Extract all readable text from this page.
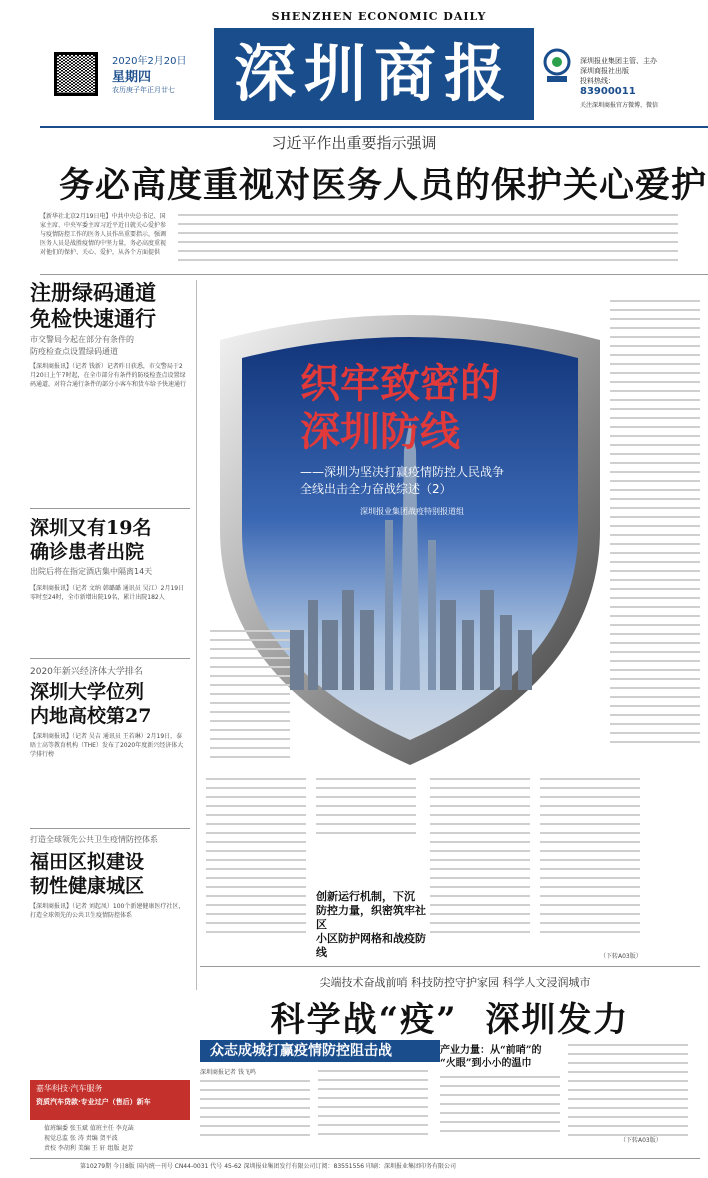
2020年2月20日
星期四
农历庚子年正月廿七
SHENZHEN ECONOMIC DAILY
深圳商报	深圳报业集团主管、主办
深圳商报社出版
投料热线：
83900011
关注深圳商报官方微博、微信
习近平作出重要指示强调
务必高度重视对医务人员的保护关心爱护
【新华社北京2月19日电】中共中央总书记、国家主席、中央军委主席习近平近日就关心爱护参与疫情防控工作的医务人员作出重要指示，强调医务人员是战胜疫情的中坚力量，务必高度重视对他们的保护、关心、爱护，从各个方面提供
注册绿码通道
免检快速通行
市交警局今起在部分有条件的
防疫检查点设置绿码通道
【深圳商报讯】（记者 钱新）记者昨日获悉，市交警局于2月20日上午7时起，在全市部分有条件的防疫检查点设置绿码通道，对符合通行条件的部分小客车和货车给予快速通行
深圳又有19名
确诊患者出院
出院后将在指定酒店集中隔离14天
【深圳商报讯】（记者 文纳 韩璐璐 通讯员 吴江）2月19日零时至24时，全市新增出院19名，累计出院182人
2020年新兴经济体大学排名
深圳大学位列
内地高校第27
【深圳商报讯】（记者 吴吉 通讯员 王若琳）2月19日，泰晤士高等教育机构（THE）发布了2020年度新兴经济体大学排行榜
打造全球领先公共卫生疫情防控体系
福田区拟建设
韧性健康城区
【深圳商报讯】（记者 刘起凤）100个新建健康医疗社区，打造全球领先的公共卫生疫情防控体系
织牢致密的
深圳防线
——深圳为坚决打赢疫情防控人民战争
全线出击全力奋战综述（2）
深圳报业集团战疫特别报道组
创新运行机制，下沉
防控力量，织密筑牢社区
小区防护网格和战疫防线	（下转A03版）
尖端技术奋战前哨 科技防控守护家园 科学人文浸润城市
科学战“疫”  深圳发力
众志成城打赢疫情防控阻击战
深圳商报记者 钱飞鸣
产业力量：从“前哨”的
“火眼”到小小的温巾
（下转A03版）
嘉华科技·汽车服务
资质汽车贷款·专业过户（售后）新车
值班编委 张玉斌 值班主任 李克菡
视觉总监 张 涛 责编 贺平波
责校 李胡利 美编 王 轩 组版 赵芳
第10279期 今日8版 国内统一刊号 CN44-0031 代号 45-62 深圳报业集团发行有限公司订阅：83551556 印刷：深圳报业集团印务有限公司
